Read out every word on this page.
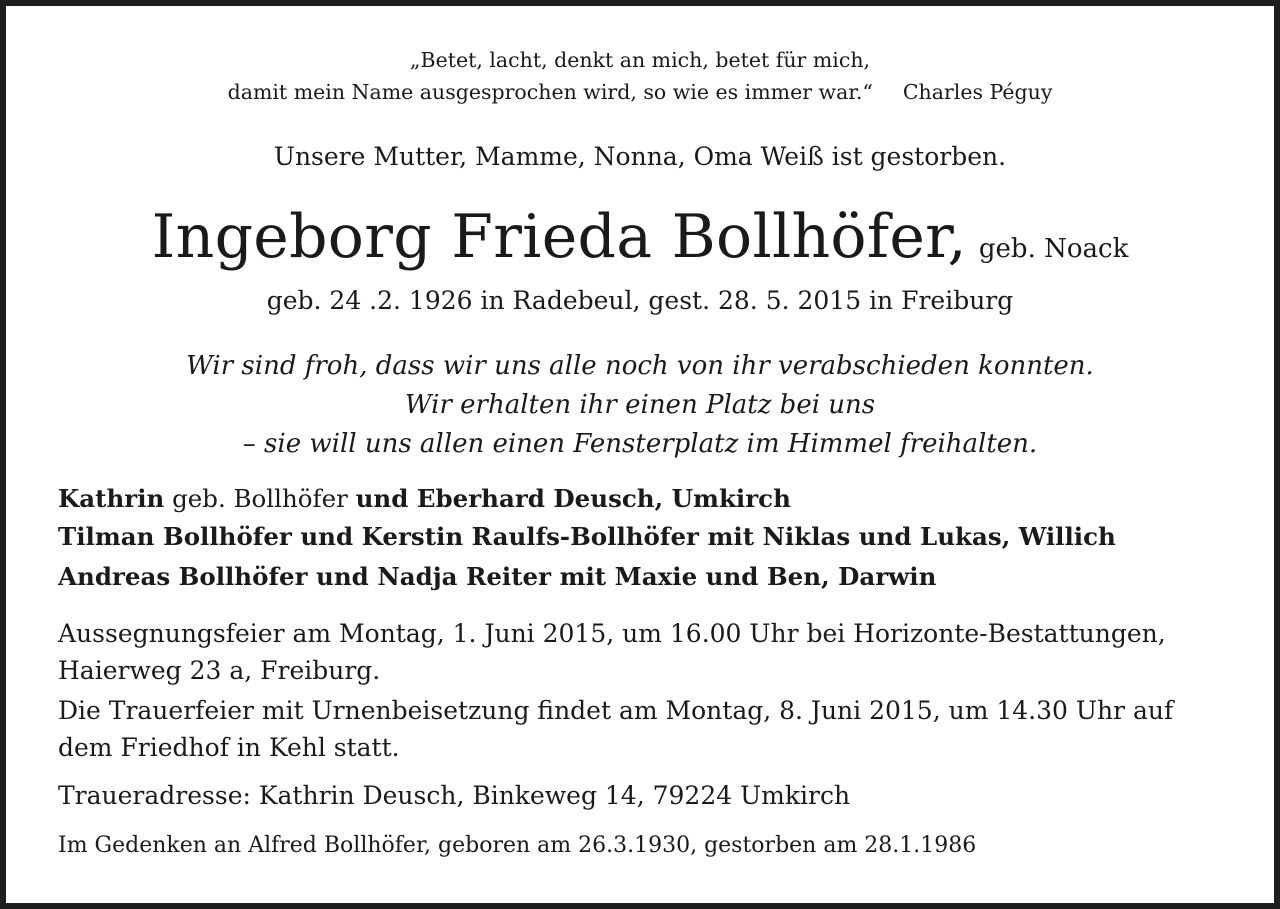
„Betet, lacht, denkt an mich, betet für mich,
damit mein Name ausgesprochen wird, so wie es immer war.“ Charles Péguy
Unsere Mutter, Mamme, Nonna, Oma Weiß ist gestorben.
Ingeborg Frieda Bollhöfer, geb. Noack
geb. 24 .2. 1926 in Radebeul, gest. 28. 5. 2015 in Freiburg
Wir sind froh, dass wir uns alle noch von ihr verabschieden konnten.
Wir erhalten ihr einen Platz bei uns
– sie will uns allen einen Fensterplatz im Himmel freihalten.
Kathrin geb. Bollhöfer und Eberhard Deusch, Umkirch
Tilman Bollhöfer und Kerstin Raulfs-Bollhöfer mit Niklas und Lukas, Willich
Andreas Bollhöfer und Nadja Reiter mit Maxie und Ben, Darwin
Aussegnungsfeier am Montag, 1. Juni 2015, um 16.00 Uhr bei Horizonte-Bestattungen,
Haierweg 23 a, Freiburg.
Die Trauerfeier mit Urnenbeisetzung findet am Montag, 8. Juni 2015, um 14.30 Uhr auf
dem Friedhof in Kehl statt.
Traueradresse: Kathrin Deusch, Binkeweg 14, 79224 Umkirch
Im Gedenken an Alfred Bollhöfer, geboren am 26.3.1930, gestorben am 28.1.1986
